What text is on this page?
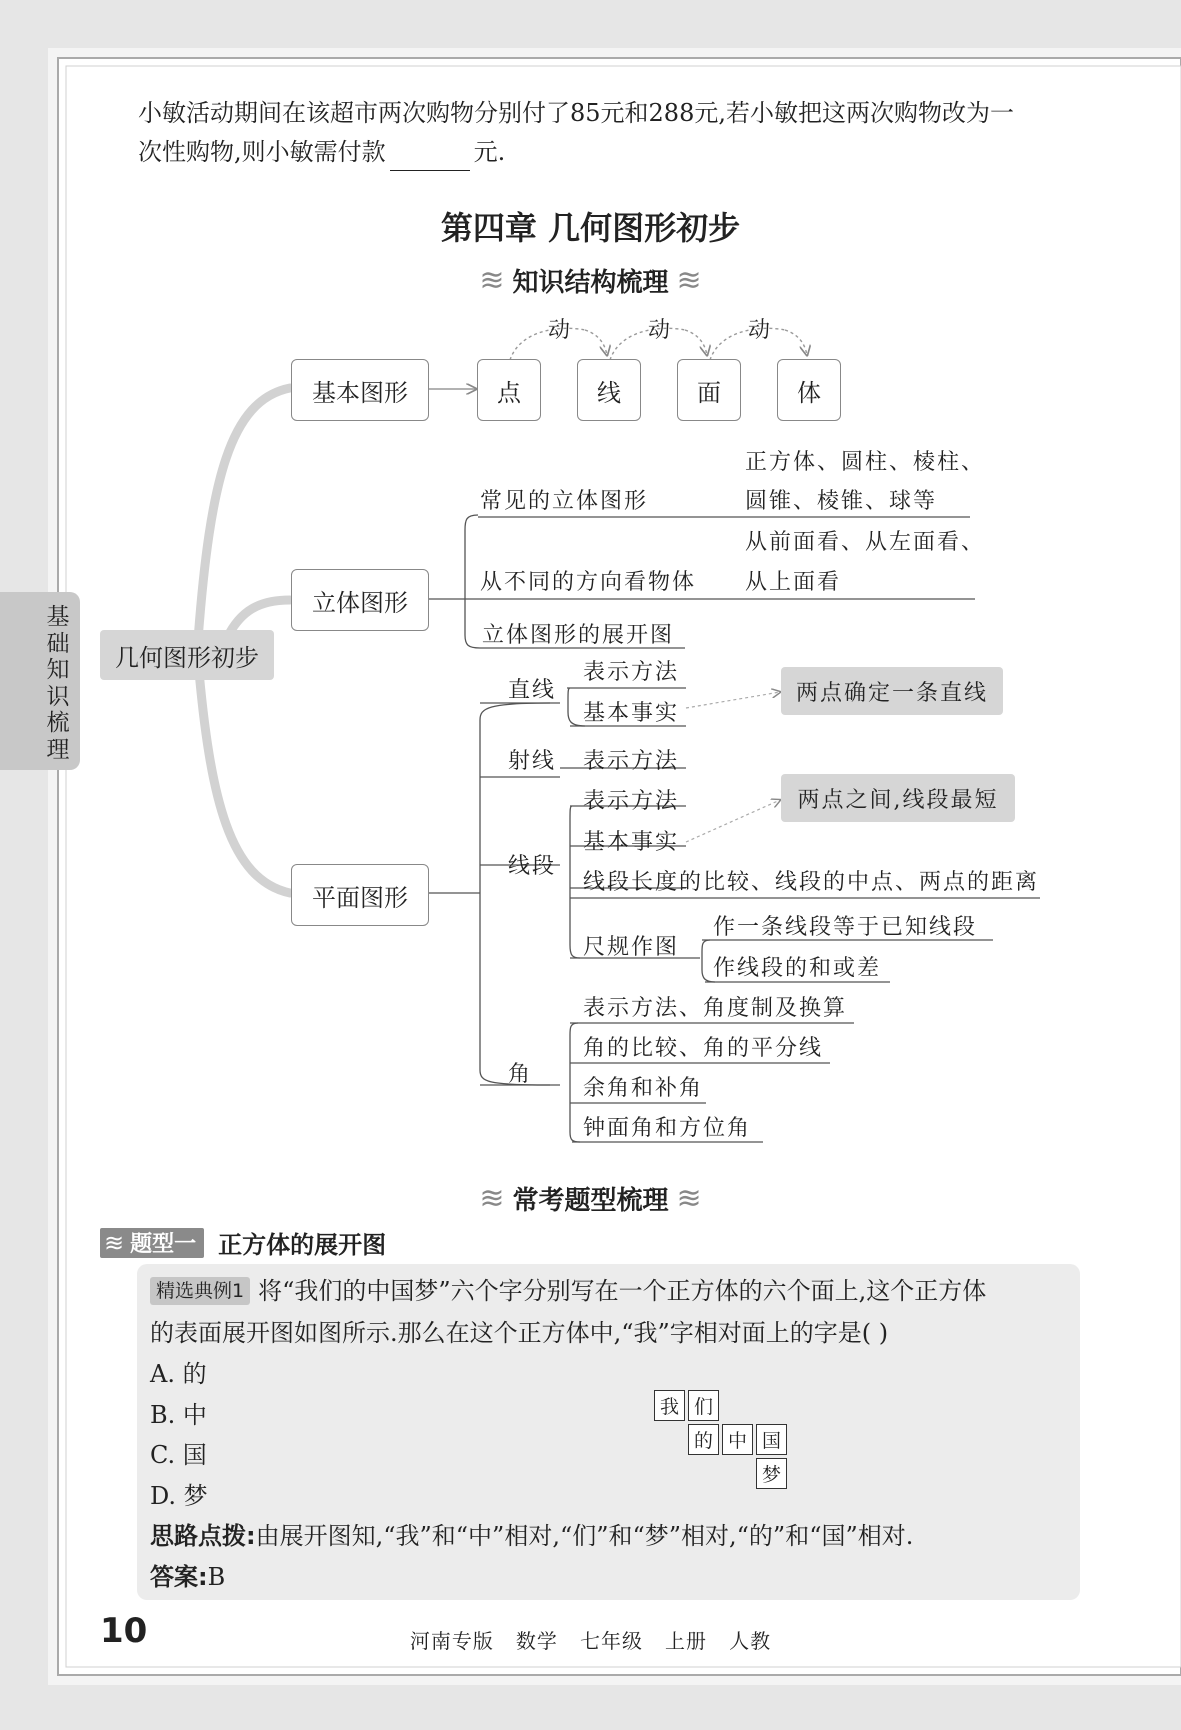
基
础
知
识
梳
理
小敏活动期间在该超市两次购物分别付了85元和288元,若小敏把这两次购物改为一
次性购物,则小敏需付款	元.
第四章 几何图形初步
≋ 知识结构梳理 ≋
几何图形初步
基本图形	点	线	面	体
动	动	动
立体图形
常见的立体图形
正方体、圆柱、棱柱、
圆锥、棱锥、球等
从不同的方向看物体
从前面看、从左面看、
从上面看
立体图形的展开图
平面图形
直线
表示方法
基本事实
两点确定一条直线
射线 表示方法
线段
表示方法
基本事实
两点之间,线段最短
线段长度的比较、线段的中点、两点的距离
尺规作图
作一条线段等于已知线段
作线段的和或差
角
表示方法、角度制及换算
角的比较、角的平分线
余角和补角
钟面角和方位角
≋ 常考题型梳理 ≋
≋ 题型一 正方体的展开图
精选典例1 将“我们的中国梦”六个字分别写在一个正方体的六个面上,这个正方体
的表面展开图如图所示.那么在这个正方体中,“我”字相对面上的字是( )
A. 的
B. 中
C. 国
D. 梦
我 们
的 中 国
梦
思路点拨:由展开图知,“我”和“中”相对,“们”和“梦”相对,“的”和“国”相对.
答案:B
10	河南专版   数学   七年级   上册   人教
